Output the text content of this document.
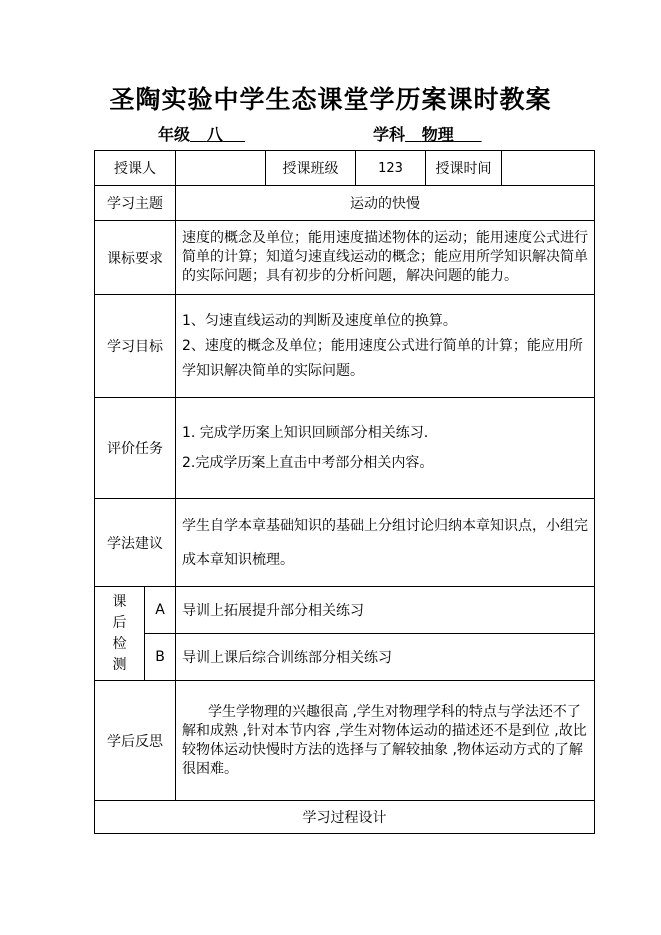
圣陶实验中学生态课堂学历案课时教案
年级 八	学科 物理
授课人			授课班级	123	授课时间	
学习主题		运动的快慢				
课标要求		速度的概念及单位；能用速度描述物体的运动；能用速度公式进行简单的计算；知道匀速直线运动的概念；能应用所学知识解决简单的实际问题；具有初步的分析问题，解决问题的能力。				
学习目标		1、匀速直线运动的判断及速度单位的换算。
2、速度的概念及单位；能用速度公式进行简单的计算；能应用所学知识解决简单的实际问题。				

评价任务		1. 完成学历案上知识回顾部分相关练习.
2.完成学历案上直击中考部分相关内容。				

学法建议		学生自学本章基础知识的基础上分组讨论归纳本章知识点，小组完成本章知识梳理。				

课
后
检
测	A	导训上拓展提升部分相关练习				
	B	导训上课后综合训练部分相关练习				
学后反思		学生学物理的兴趣很高 ,学生对物理学科的特点与学法还不了解和成熟 ,针对本节内容 ,学生对物体运动的描述还不是到位 ,故比较物体运动快慢时方法的选择与了解较抽象 ,物体运动方式的了解很困难。				
学习过程设计						
